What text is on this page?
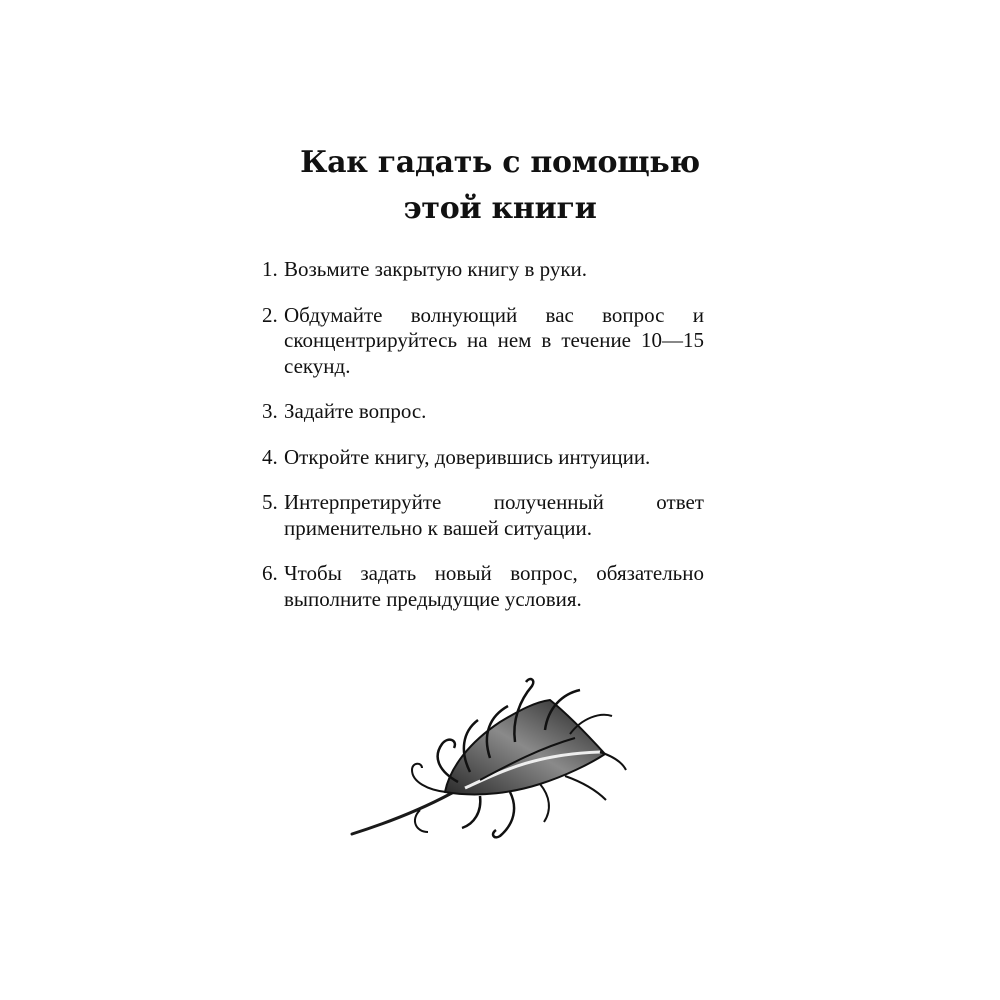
Как гадать с помощью
этой книги
1. Возьмите закрытую книгу в руки.
2. Обдумайте волнующий вас вопрос и сконцентрируйтесь на нем в течение 10—15 секунд.
3. Задайте вопрос.
4. Откройте книгу, доверившись интуиции.
5. Интерпретируйте полученный ответ применительно к вашей ситуации.
6. Чтобы задать новый вопрос, обязательно выполните предыдущие условия.
